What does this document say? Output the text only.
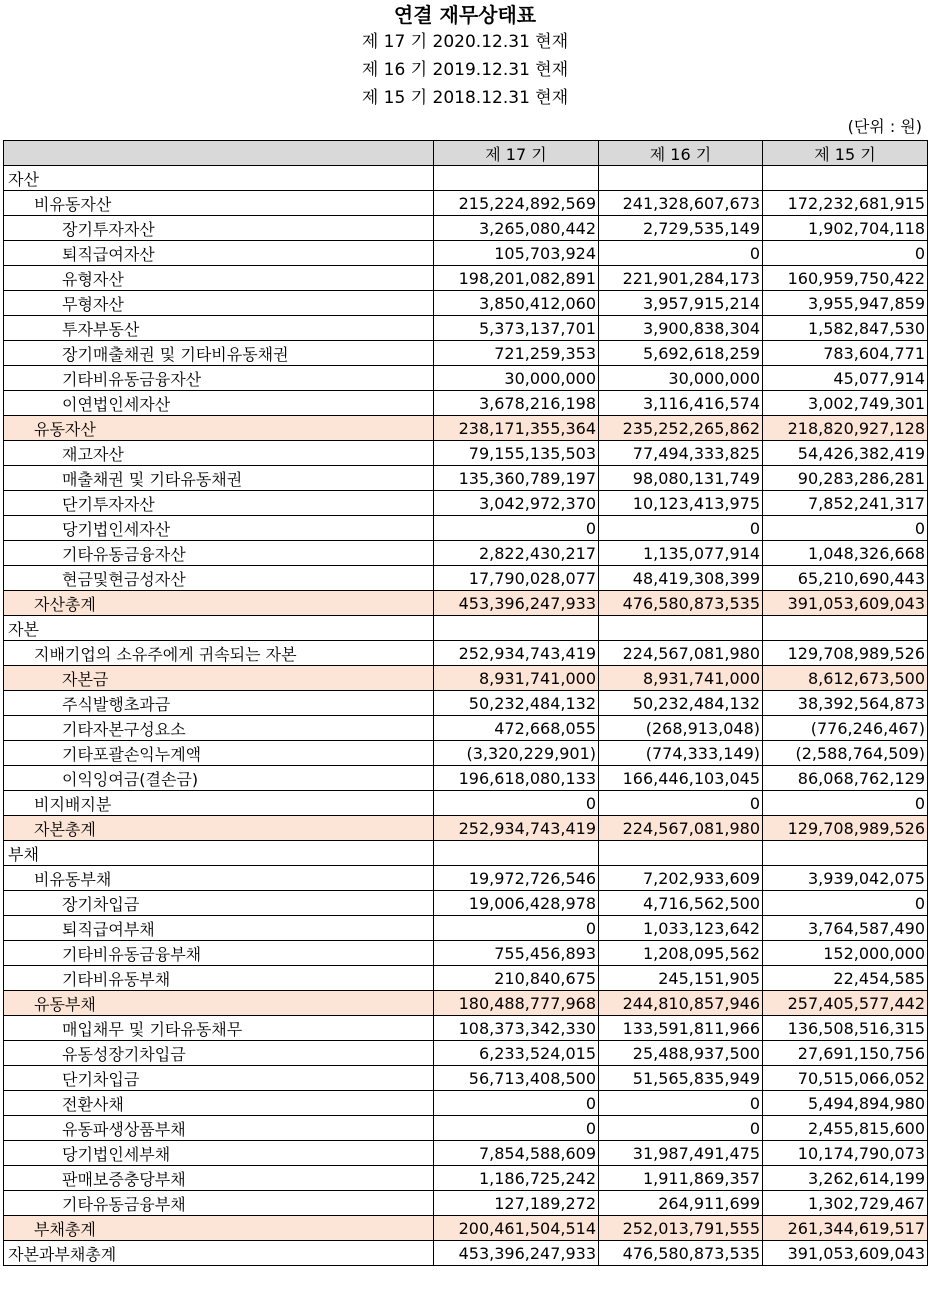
연결 재무상태표
제 17 기 2020.12.31 현재
제 16 기 2019.12.31 현재
제 15 기 2018.12.31 현재
(단위 : 원)
	제 17 기	제 16 기	제 15 기
자산			
비유동자산	215,224,892,569	241,328,607,673	172,232,681,915
장기투자자산	3,265,080,442	2,729,535,149	1,902,704,118
퇴직급여자산	105,703,924	0	0
유형자산	198,201,082,891	221,901,284,173	160,959,750,422
무형자산	3,850,412,060	3,957,915,214	3,955,947,859
투자부동산	5,373,137,701	3,900,838,304	1,582,847,530
장기매출채권 및 기타비유동채권	721,259,353	5,692,618,259	783,604,771
기타비유동금융자산	30,000,000	30,000,000	45,077,914
이연법인세자산	3,678,216,198	3,116,416,574	3,002,749,301
유동자산	238,171,355,364	235,252,265,862	218,820,927,128
재고자산	79,155,135,503	77,494,333,825	54,426,382,419
매출채권 및 기타유동채권	135,360,789,197	98,080,131,749	90,283,286,281
단기투자자산	3,042,972,370	10,123,413,975	7,852,241,317
당기법인세자산	0	0	0
기타유동금융자산	2,822,430,217	1,135,077,914	1,048,326,668
현금및현금성자산	17,790,028,077	48,419,308,399	65,210,690,443
자산총계	453,396,247,933	476,580,873,535	391,053,609,043
자본			
지배기업의 소유주에게 귀속되는 자본	252,934,743,419	224,567,081,980	129,708,989,526
자본금	8,931,741,000	8,931,741,000	8,612,673,500
주식발행초과금	50,232,484,132	50,232,484,132	38,392,564,873
기타자본구성요소	472,668,055	(268,913,048)	(776,246,467)
기타포괄손익누계액	(3,320,229,901)	(774,333,149)	(2,588,764,509)
이익잉여금(결손금)	196,618,080,133	166,446,103,045	86,068,762,129
비지배지분	0	0	0
자본총계	252,934,743,419	224,567,081,980	129,708,989,526
부채			
비유동부채	19,972,726,546	7,202,933,609	3,939,042,075
장기차입금	19,006,428,978	4,716,562,500	0
퇴직급여부채	0	1,033,123,642	3,764,587,490
기타비유동금융부채	755,456,893	1,208,095,562	152,000,000
기타비유동부채	210,840,675	245,151,905	22,454,585
유동부채	180,488,777,968	244,810,857,946	257,405,577,442
매입채무 및 기타유동채무	108,373,342,330	133,591,811,966	136,508,516,315
유동성장기차입금	6,233,524,015	25,488,937,500	27,691,150,756
단기차입금	56,713,408,500	51,565,835,949	70,515,066,052
전환사채	0	0	5,494,894,980
유동파생상품부채	0	0	2,455,815,600
당기법인세부채	7,854,588,609	31,987,491,475	10,174,790,073
판매보증충당부채	1,186,725,242	1,911,869,357	3,262,614,199
기타유동금융부채	127,189,272	264,911,699	1,302,729,467
부채총계	200,461,504,514	252,013,791,555	261,344,619,517
자본과부채총계	453,396,247,933	476,580,873,535	391,053,609,043
